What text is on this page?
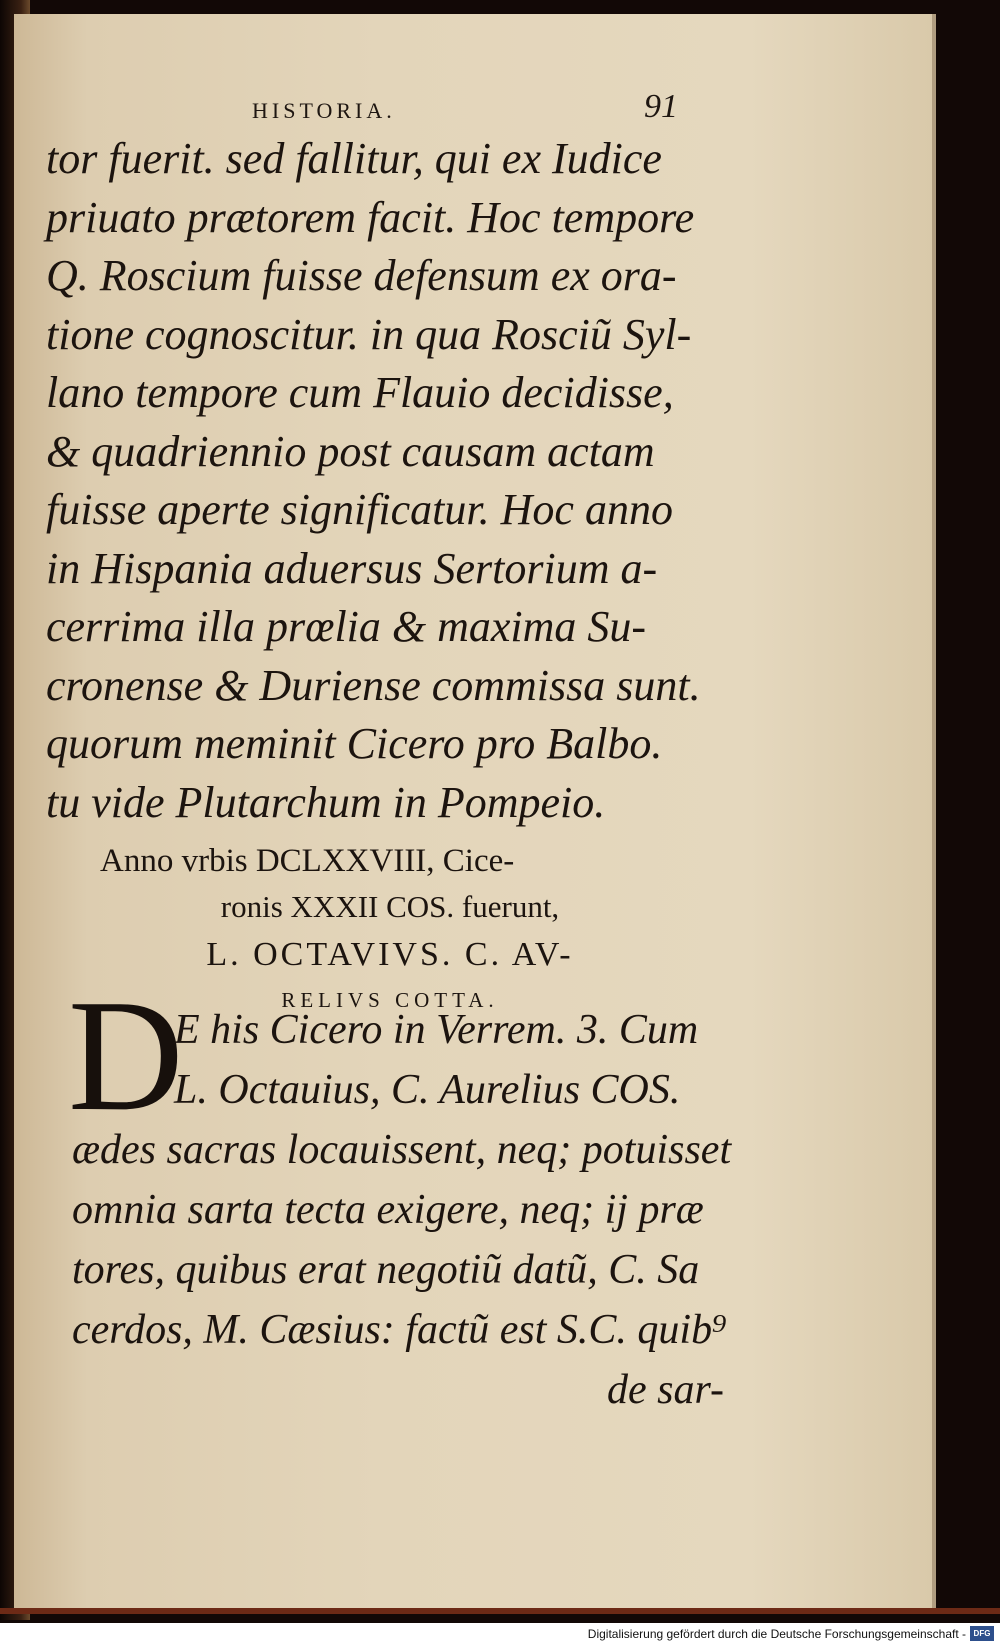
HISTORIA.	91
tor fuerit. sed fallitur, qui ex Iudice
priuato prætorem facit. Hoc tempore
Q. Roscium fuisse defensum ex ora-
tione cognoscitur. in qua Rosciũ Syl-
lano tempore cum Flauio decidisse,
& quadriennio post causam actam
fuisse aperte significatur. Hoc anno
in Hispania aduersus Sertorium a-
cerrima illa prœlia & maxima Su-
cronense & Duriense commissa sunt.
quorum meminit Cicero pro Balbo.
tu vide Plutarchum in Pompeio.
Anno vrbis DCLXXVIII, Cice-
ronis XXXII COS. fuerunt,
L. OCTAVIVS. C. AV-
RELIVS COTTA.
D
E his Cicero in Verrem. 3. Cum
L. Octauius, C. Aurelius COS.
ædes sacras locauissent, neq; potuisset
omnia sarta tecta exigere, neq; ij præ
tores, quibus erat negotiũ datũ, C. Sa
cerdos, M. Cæsius: factũ est S.C. quib⁹
de sar-
Digitalisierung gefördert durch die Deutsche Forschungsgemeinschaft - DFG
